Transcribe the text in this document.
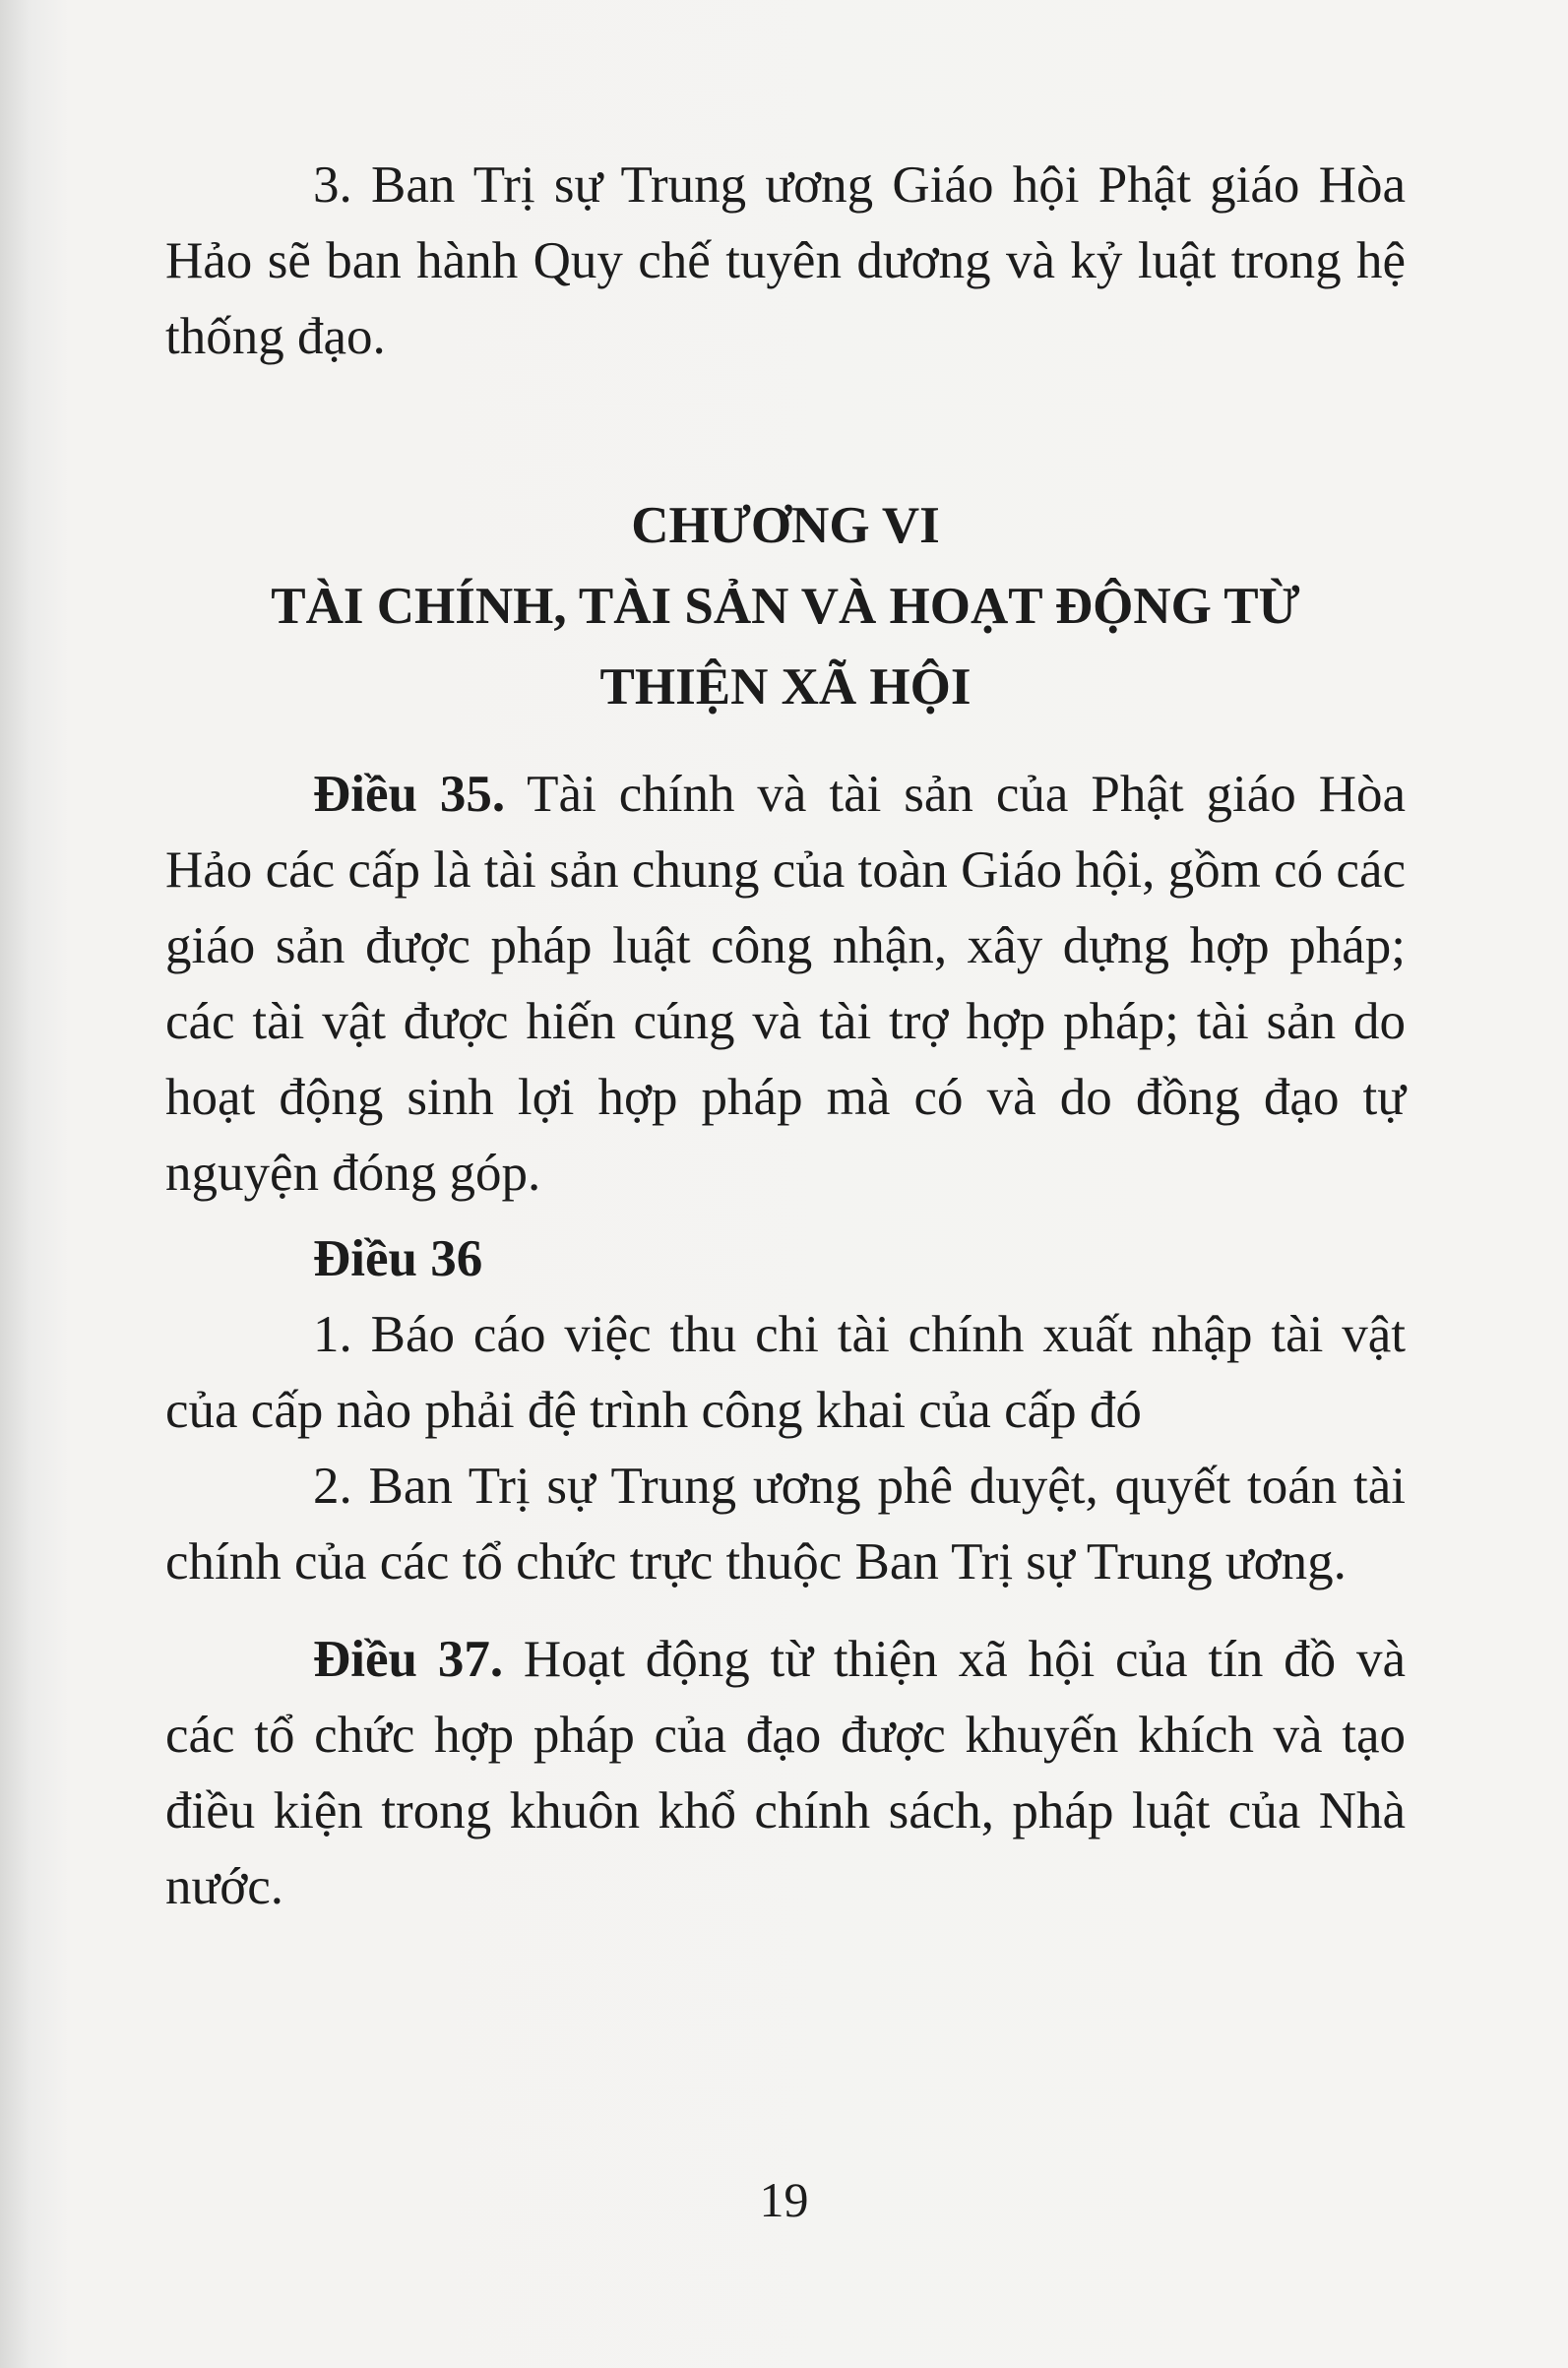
3. Ban Trị sự Trung ương Giáo hội Phật giáo Hòa Hảo sẽ ban hành Quy chế tuyên dương và kỷ luật trong hệ thống đạo.

CHƯƠNG VI

TÀI CHÍNH, TÀI SẢN VÀ HOẠT ĐỘNG TỪ

THIỆN XÃ HỘI

Điều 35. Tài chính và tài sản của Phật giáo Hòa Hảo các cấp là tài sản chung của toàn Giáo hội, gồm có các giáo sản được pháp luật công nhận, xây dựng hợp pháp; các tài vật được hiến cúng và tài trợ hợp pháp; tài sản do hoạt động sinh lợi hợp pháp mà có và do đồng đạo tự nguyện đóng góp.

Điều 36

1. Báo cáo việc thu chi tài chính xuất nhập tài vật của cấp nào phải đệ trình công khai của cấp đó

2. Ban Trị sự Trung ương phê duyệt, quyết toán tài chính của các tổ chức trực thuộc Ban Trị sự Trung ương.

Điều 37. Hoạt động từ thiện xã hội của tín đồ và các tổ chức hợp pháp của đạo được khuyến khích và tạo điều kiện trong khuôn khổ chính sách, pháp luật của Nhà nước.

19
